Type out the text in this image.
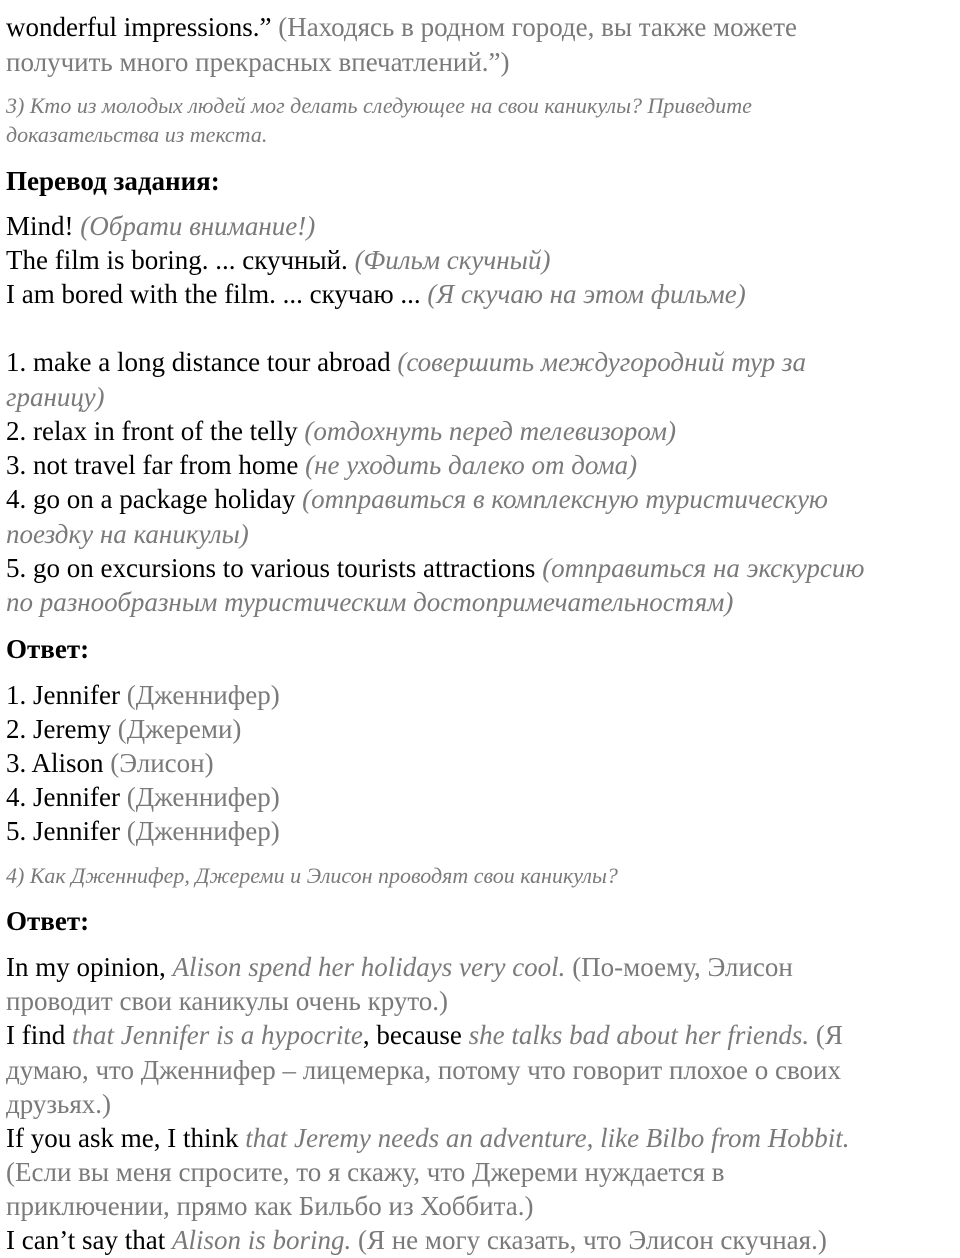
wonderful impressions.” (Находясь в родном городе, вы также можете
получить много прекрасных впечатлений.”)
3) Кто из молодых людей мог делать следующее на свои каникулы? Приведите
доказательства из текста.
Перевод задания:
Mind! (Обрати внимание!)
The film is boring. ... скучный. (Фильм скучный)
I am bored with the film. ... скучаю ... (Я скучаю на этом фильме)
1. make a long distance tour abroad (совершить междугородний тур за
границу)
2. relax in front of the telly (отдохнуть перед телевизором)
3. not travel far from home (не уходить далеко от дома)
4. go on a package holiday (отправиться в комплексную туристическую
поездку на каникулы)
5. go on excursions to various tourists attractions (отправиться на экскурсию
по разнообразным туристическим достопримечательностям)
Ответ:
1. Jennifer (Дженнифер)
2. Jeremy (Джереми)
3. Alison (Элисон)
4. Jennifer (Дженнифер)
5. Jennifer (Дженнифер)
4) Как Дженнифер, Джереми и Элисон проводят свои каникулы?
Ответ:
In my opinion, Alison spend her holidays very cool. (По-моему, Элисон
проводит свои каникулы очень круто.)
I find that Jennifer is a hypocrite, because she talks bad about her friends. (Я
думаю, что Дженнифер – лицемерка, потому что говорит плохое о своих
друзьях.)
If you ask me, I think that Jeremy needs an adventure, like Bilbo from Hobbit.
(Если вы меня спросите, то я скажу, что Джереми нуждается в
приключении, прямо как Бильбо из Хоббита.)
I can’t say that Alison is boring. (Я не могу сказать, что Элисон скучная.)
